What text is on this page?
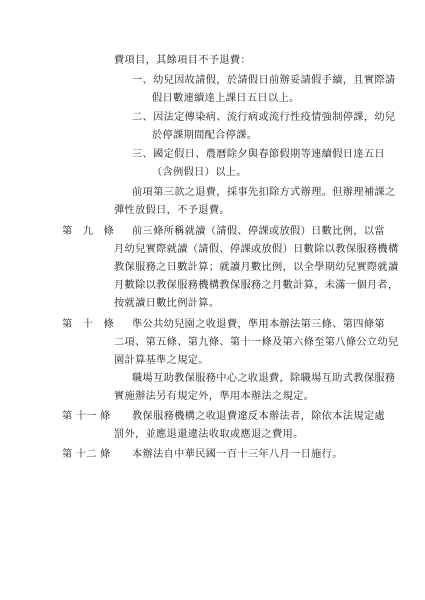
費項目，其餘項目不予退費：
一、幼兒因故請假，於請假日前辦妥請假手續，且實際請
假日數連續達上課日五日以上。
二、因法定傳染病、流行病或流行性疫情強制停課，幼兒
於停課期間配合停課。
三、國定假日、農曆除夕與春節假期等連續假日達五日
（含例假日）以上。
前項第三款之退費，採事先扣除方式辦理。但辦理補課之
彈性放假日，不予退費。
第　九　條 前三條所稱就讀（請假、停課或放假）日數比例，以當
月幼兒實際就讀（請假、停課或放假）日數除以教保服務機構
教保服務之日數計算；就讀月數比例，以全學期幼兒實際就讀
月數除以教保服務機構教保服務之月數計算，未滿一個月者，
按就讀日數比例計算。
第　十　條 準公共幼兒園之收退費，準用本辦法第三條、第四條第
二項、第五條、第九條、第十一條及第六條至第八條公立幼兒
園計算基準之規定。
職場互助教保服務中心之收退費，除職場互助式教保服務
實施辦法另有規定外，準用本辦法之規定。
第 十一 條 教保服務機構之收退費違反本辦法者，除依本法規定處
罰外，並應退還違法收取或應退之費用。
第 十二 條 本辦法自中華民國一百十三年八月一日施行。
